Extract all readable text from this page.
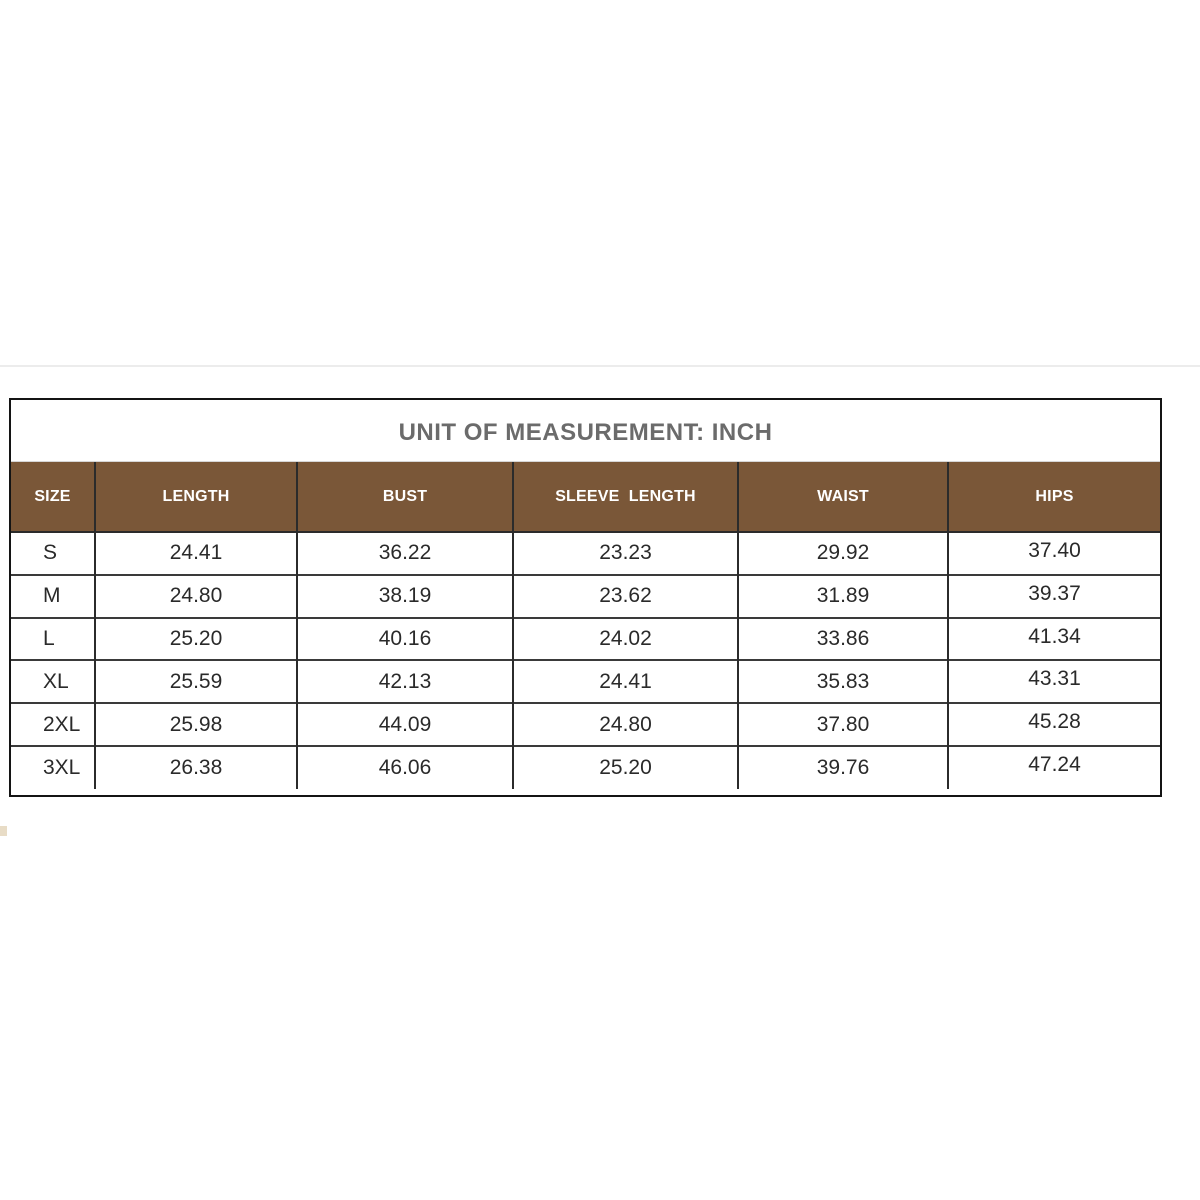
UNIT OF MEASUREMENT: INCH
SIZE	LENGTH	BUST	SLEEVE  LENGTH	WAIST	HIPS
S	24.41	36.22	23.23	29.92	37.40
M	24.80	38.19	23.62	31.89	39.37
L	25.20	40.16	24.02	33.86	41.34
XL	25.59	42.13	24.41	35.83	43.31
2XL	25.98	44.09	24.80	37.80	45.28
3XL	26.38	46.06	25.20	39.76	47.24
